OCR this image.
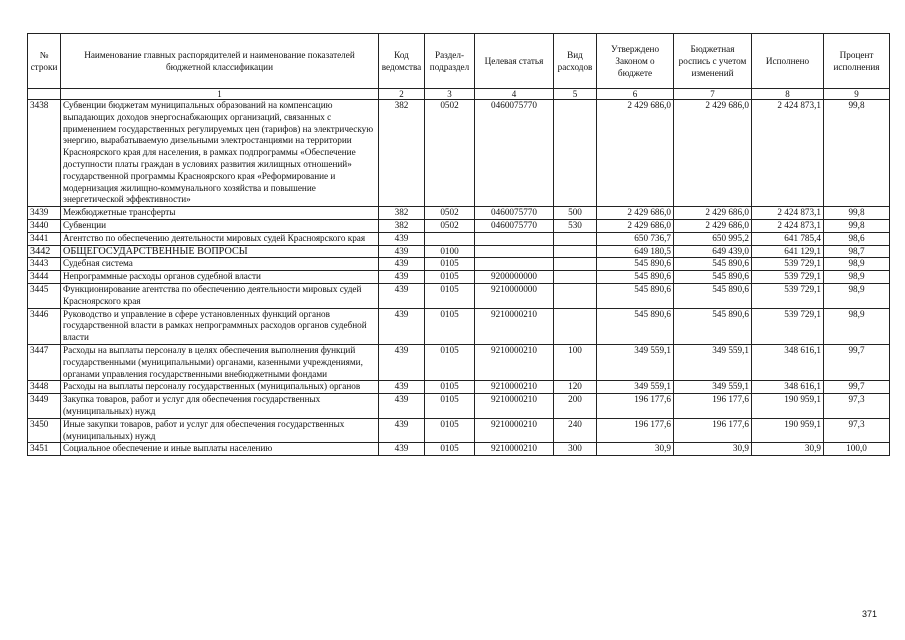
№ строки	Наименование главных распорядителей и наименование показателей бюджетной классификации	Код ведомства	Раздел-подраздел	Целевая статья	Вид расходов	Утверждено Законом о бюджете	Бюджетная роспись с учетом изменений	Исполнено	Процент исполнения
	1	2	3	4	5	6	7	8	9
3438	Субвенции бюджетам муниципальных образований на компенсацию выпадающих доходов энергоснабжающих организаций, связанных с применением государственных регулируемых цен (тарифов) на электрическую энергию, вырабатываемую дизельными электростанциями на территории Красноярского края для населения, в рамках подпрограммы «Обеспечение доступности платы граждан в условиях развития жилищных отношений» государственной программы Красноярского края «Реформирование и модернизация жилищно-коммунального хозяйства и повышение энергетической эффективности»	382	0502	0460075770		2 429 686,0	2 429 686,0	2 424 873,1	99,8
3439	Межбюджетные трансферты	382	0502	0460075770	500	2 429 686,0	2 429 686,0	2 424 873,1	99,8
3440	Субвенции	382	0502	0460075770	530	2 429 686,0	2 429 686,0	2 424 873,1	99,8
3441	Агентство по обеспечению деятельности мировых судей Красноярского края	439				650 736,7	650 995,2	641 785,4	98,6
3442	ОБЩЕГОСУДАРСТВЕННЫЕ ВОПРОСЫ	439	0100			649 180,5	649 439,0	641 129,1	98,7
3443	Судебная система	439	0105			545 890,6	545 890,6	539 729,1	98,9
3444	Непрограммные расходы органов судебной власти	439	0105	9200000000		545 890,6	545 890,6	539 729,1	98,9
3445	Функционирование агентства по обеспечению деятельности мировых судей Красноярского края	439	0105	9210000000		545 890,6	545 890,6	539 729,1	98,9
3446	Руководство и управление в сфере установленных функций органов государственной власти в рамках непрограммных расходов органов судебной власти	439	0105	9210000210		545 890,6	545 890,6	539 729,1	98,9
3447	Расходы на выплаты персоналу в целях обеспечения выполнения функций государственными (муниципальными) органами, казенными учреждениями, органами управления государственными внебюджетными фондами	439	0105	9210000210	100	349 559,1	349 559,1	348 616,1	99,7
3448	Расходы на выплаты персоналу государственных (муниципальных) органов	439	0105	9210000210	120	349 559,1	349 559,1	348 616,1	99,7
3449	Закупка товаров, работ и услуг для обеспечения государственных (муниципальных) нужд	439	0105	9210000210	200	196 177,6	196 177,6	190 959,1	97,3
3450	Иные закупки товаров, работ и услуг для обеспечения государственных (муниципальных) нужд	439	0105	9210000210	240	196 177,6	196 177,6	190 959,1	97,3
3451	Социальное обеспечение и иные выплаты населению	439	0105	9210000210	300	30,9	30,9	30,9	100,0
371
